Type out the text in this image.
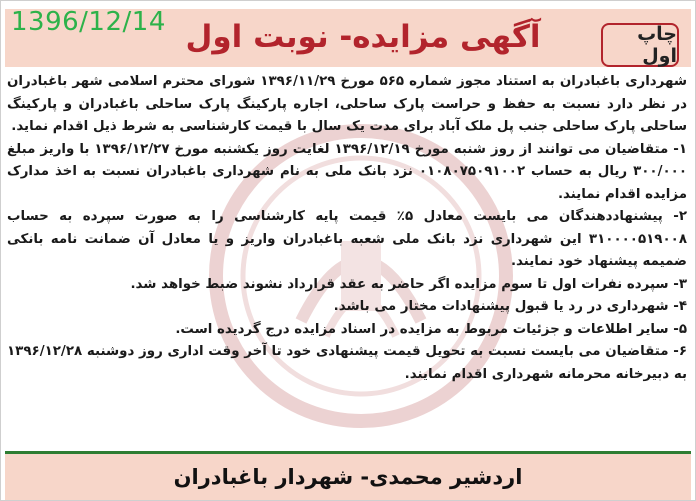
آگهی مزایده- نوبت اول	چاپ اول
1396/12/14

شهرداری باغبادران به استناد مجوز شماره ۵۶۵ مورخ ۱۳۹۶/۱۱/۲۹ شورای محترم اسلامی شهر باغبادران در نظر دارد نسبت به حفظ و حراست پارک ساحلی، اجاره پارکینگ پارک ساحلی باغبادران و پارکینگ ساحلی پارک ساحلی جنب پل ملک آباد برای مدت یک سال با قیمت کارشناسی به شرط ذیل اقدام نماید.

۱- متقاضیان می توانند از روز شنبه مورخ ۱۳۹۶/۱۲/۱۹ لغایت روز یکشنبه مورخ ۱۳۹۶/۱۲/۲۷ با واریز مبلغ ۳۰۰/۰۰۰ ریال به حساب ۰۱۰۸۰۷۵۰۹۱۰۰۲ نزد بانک ملی به نام شهرداری باغبادران نسبت به اخذ مدارک مزایده اقدام نمایند.

۲- پیشنهاددهندگان می بایست معادل ۵٪ قیمت پایه کارشناسی را به صورت سپرده به حساب ۳۱۰۰۰۰۵۱۹۰۰۸ این شهرداری نزد بانک ملی شعبه باغبادران واریز و یا معادل آن ضمانت نامه بانکی ضمیمه پیشنهاد خود نمایند.

۳- سپرده نفرات اول تا سوم مزایده اگر حاضر به عقد قرارداد نشوند ضبط خواهد شد.

۴- شهرداری در رد یا قبول پیشنهادات مختار می باشد.

۵- سایر اطلاعات و جزئیات مربوط به مزایده در اسناد مزایده درج گردیده است.

۶- متقاضیان می بایست نسبت به تحویل قیمت پیشنهادی خود تا آخر وقت اداری روز دوشنبه ۱۳۹۶/۱۲/۲۸ به دبیرخانه محرمانه شهرداری اقدام نمایند.

اردشیر محمدی- شهردار باغبادران
